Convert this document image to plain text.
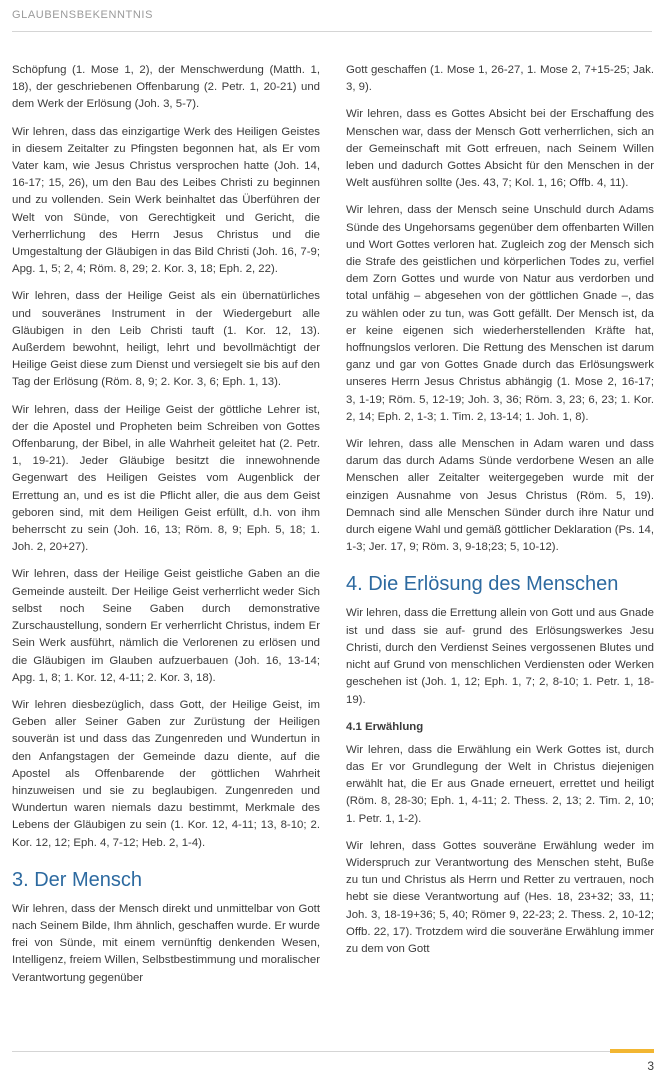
GLAUBENSBEKENNTNIS

Schöpfung (1. Mose 1, 2), der Menschwerdung (Matth. 1, 18), der geschriebenen Offenbarung (2. Petr. 1, 20-21) und dem Werk der Erlösung (Joh. 3, 5-7).

Wir lehren, dass das einzigartige Werk des Heiligen Geistes in diesem Zeitalter zu Pfingsten begonnen hat, als Er vom Vater kam, wie Jesus Christus versprochen hatte (Joh. 14, 16-17; 15, 26), um den Bau des Leibes Christi zu beginnen und zu vollenden. Sein Werk beinhaltet das Überführen der Welt von Sünde, von Gerechtigkeit und Gericht, die Verherrlichung des Herrn Jesus Christus und die Umgestaltung der Gläubigen in das Bild Christi (Joh. 16, 7-9; Apg. 1, 5; 2, 4; Röm. 8, 29; 2. Kor. 3, 18; Eph. 2, 22).

Wir lehren, dass der Heilige Geist als ein übernatürliches und souveränes Instrument in der Wiedergeburt alle Gläubigen in den Leib Christi tauft (1. Kor. 12, 13). Außerdem bewohnt, heiligt, lehrt und bevollmächtigt der Heilige Geist diese zum Dienst und versiegelt sie bis auf den Tag der Erlösung (Röm. 8, 9; 2. Kor. 3, 6; Eph. 1, 13).

Wir lehren, dass der Heilige Geist der göttliche Lehrer ist, der die Apostel und Propheten beim Schreiben von Gottes Offenbarung, der Bibel, in alle Wahrheit geleitet hat (2. Petr. 1, 19-21). Jeder Gläubige besitzt die innewohnende Gegenwart des Heiligen Geistes vom Augenblick der Errettung an, und es ist die Pflicht aller, die aus dem Geist geboren sind, mit dem Heiligen Geist erfüllt, d.h. von ihm beherrscht zu sein (Joh. 16, 13; Röm. 8, 9; Eph. 5, 18; 1. Joh. 2, 20+27).

Wir lehren, dass der Heilige Geist geistliche Gaben an die Gemeinde austeilt. Der Heilige Geist verherrlicht weder Sich selbst noch Seine Gaben durch demonstrative Zurschaustellung, sondern Er verherrlicht Christus, indem Er Sein Werk ausführt, nämlich die Verlorenen zu erlösen und die Gläubigen im Glauben aufzuerbauen (Joh. 16, 13-14; Apg. 1, 8; 1. Kor. 12, 4-11; 2. Kor. 3, 18).

Wir lehren diesbezüglich, dass Gott, der Heilige Geist, im Geben aller Seiner Gaben zur Zurüstung der Heiligen souverän ist und dass das Zungenreden und Wundertun in den Anfangstagen der Gemeinde dazu diente, auf die Apostel als Offenbarende der göttlichen Wahrheit hinzuweisen und sie zu beglaubigen. Zungenreden und Wundertun waren niemals dazu bestimmt, Merkmale des Lebens der Gläubigen zu sein (1. Kor. 12, 4-11; 13, 8-10; 2. Kor. 12, 12; Eph. 4, 7-12; Heb. 2, 1-4).

3. Der Mensch

Wir lehren, dass der Mensch direkt und unmittelbar von Gott nach Seinem Bilde, Ihm ähnlich, geschaffen wurde. Er wurde frei von Sünde, mit einem vernünftig denkenden Wesen, Intelligenz, freiem Willen, Selbstbestimmung und moralischer Verantwortung gegenüber

Gott geschaffen (1. Mose 1, 26-27, 1. Mose 2, 7+15-25; Jak. 3, 9).

Wir lehren, dass es Gottes Absicht bei der Erschaffung des Menschen war, dass der Mensch Gott verherrlichen, sich an der Gemeinschaft mit Gott erfreuen, nach Seinem Willen leben und dadurch Gottes Absicht für den Menschen in der Welt ausführen sollte (Jes. 43, 7; Kol. 1, 16; Offb. 4, 11).

Wir lehren, dass der Mensch seine Unschuld durch Adams Sünde des Ungehorsams gegenüber dem offenbarten Willen und Wort Gottes verloren hat. Zugleich zog der Mensch sich die Strafe des geistlichen und körperlichen Todes zu, verfiel dem Zorn Gottes und wurde von Natur aus verdorben und total unfähig – abgesehen von der göttlichen Gnade –, das zu wählen oder zu tun, was Gott gefällt. Der Mensch ist, da er keine eigenen sich wiederherstellenden Kräfte hat, hoffnungslos verloren. Die Rettung des Menschen ist darum ganz und gar von Gottes Gnade durch das Erlösungswerk unseres Herrn Jesus Christus abhängig (1. Mose 2, 16-17; 3, 1-19; Röm. 5, 12-19; Joh. 3, 36; Röm. 3, 23; 6, 23; 1. Kor. 2, 14; Eph. 2, 1-3; 1. Tim. 2, 13-14; 1. Joh. 1, 8).

Wir lehren, dass alle Menschen in Adam waren und dass darum das durch Adams Sünde verdorbene Wesen an alle Menschen aller Zeitalter weitergegeben wurde mit der einzigen Ausnahme von Jesus Christus (Röm. 5, 19). Demnach sind alle Menschen Sünder durch ihre Natur und durch eigene Wahl und gemäß göttlicher Deklaration (Ps. 14, 1-3; Jer. 17, 9; Röm. 3, 9-18;23; 5, 10-12).

4. Die Erlösung des Menschen

Wir lehren, dass die Errettung allein von Gott und aus Gnade ist und dass sie auf- grund des Erlösungswerkes Jesu Christi, durch den Verdienst Seines vergossenen Blutes und nicht auf Grund von menschlichen Verdiensten oder Werken geschehen ist (Joh. 1, 12; Eph. 1, 7; 2, 8-10; 1. Petr. 1, 18-19).

4.1 Erwählung

Wir lehren, dass die Erwählung ein Werk Gottes ist, durch das Er vor Grundlegung der Welt in Christus diejenigen erwählt hat, die Er aus Gnade erneuert, errettet und heiligt (Röm. 8, 28-30; Eph. 1, 4-11; 2. Thess. 2, 13; 2. Tim. 2, 10; 1. Petr. 1, 1-2).

Wir lehren, dass Gottes souveräne Erwählung weder im Widerspruch zur Verantwortung des Menschen steht, Buße zu tun und Christus als Herrn und Retter zu vertrauen, noch hebt sie diese Verantwortung auf (Hes. 18, 23+32; 33, 11; Joh. 3, 18-19+36; 5, 40; Römer 9, 22-23; 2. Thess. 2, 10-12; Offb. 22, 17). Trotzdem wird die souveräne Erwählung immer zu dem von Gott

3
